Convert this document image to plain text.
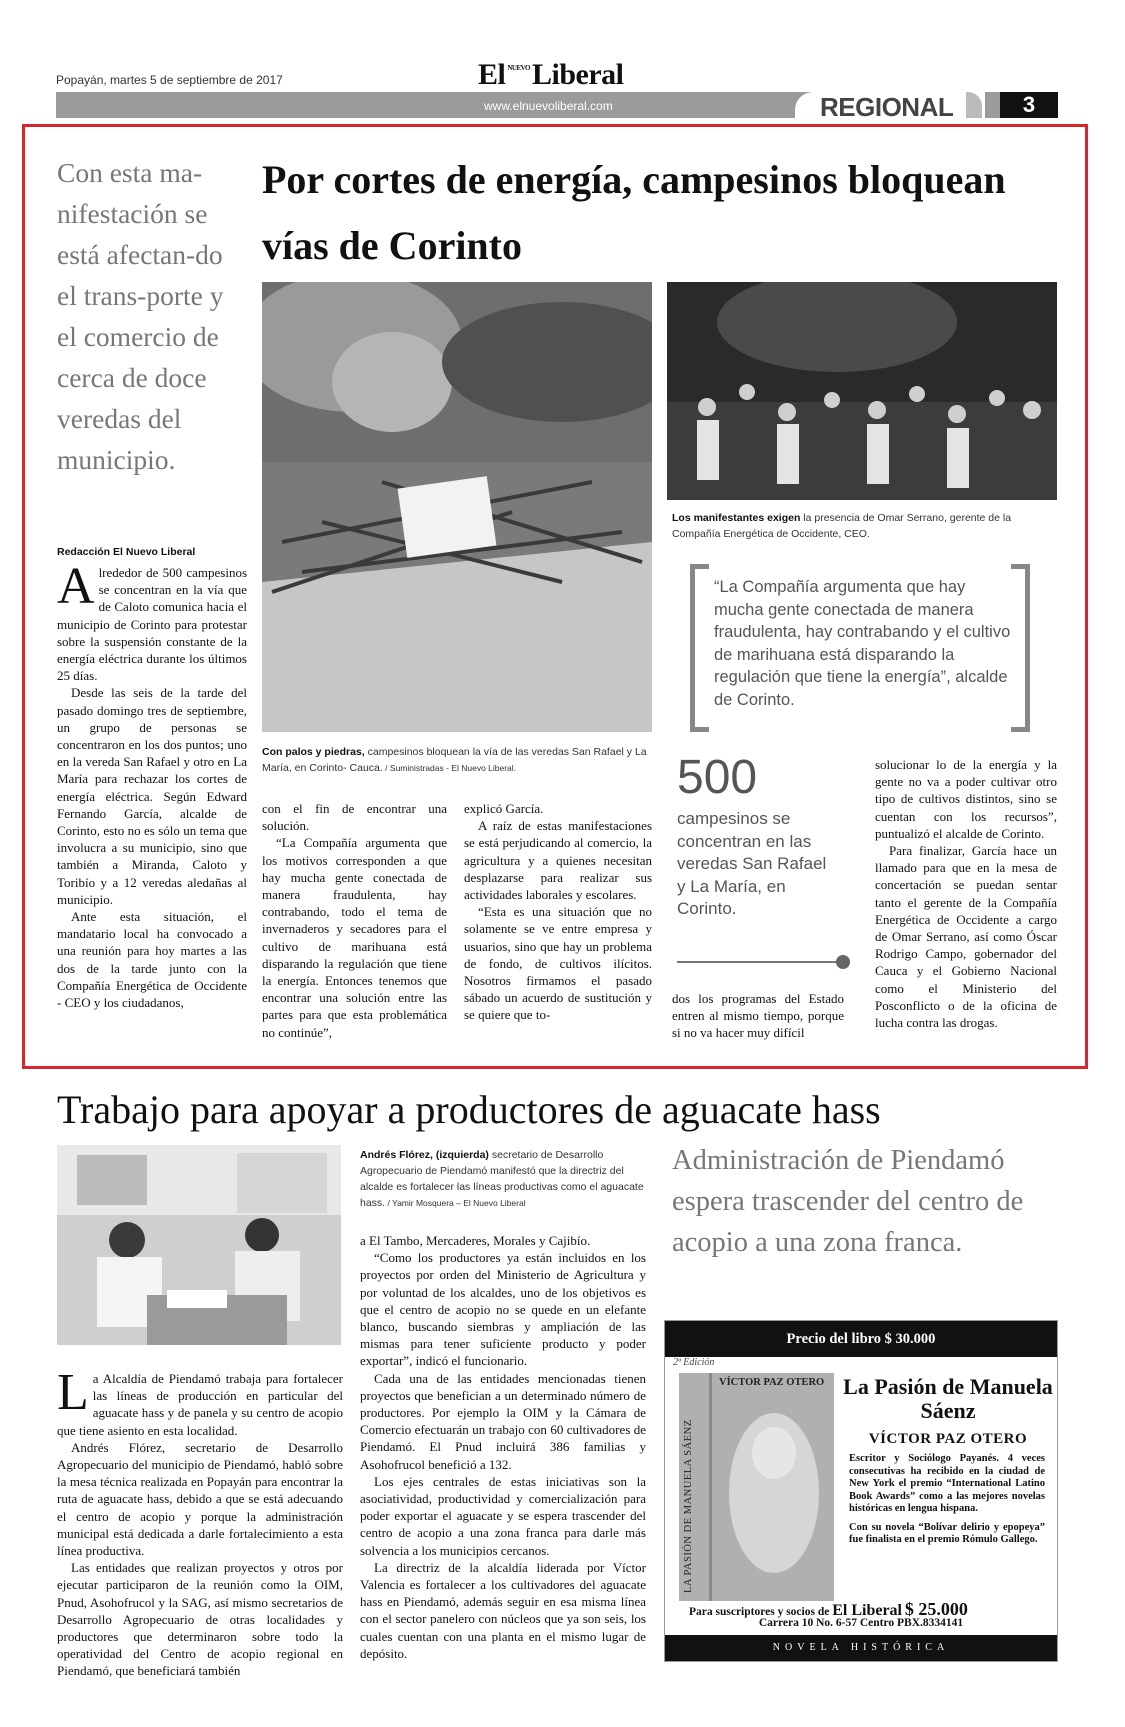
Popayán, martes 5 de septiembre de 2017	El NUEVOLiberal
www.elnuevoliberal.com	REGIONAL	3
Con esta ma-nifestación se está afectan-do el trans-porte y el comercio de cerca de doce veredas del municipio.
Por cortes de energía, campesinos bloquean vías de Corinto
Con palos y piedras, campesinos bloquean la vía de las veredas San Rafael y La María, en Corinto- Cauca. / Suministradas - El Nuevo Liberal.
Los manifestantes exigen la presencia de Omar Serrano, gerente de la Compañía Energética de Occidente, CEO.
Redacción El Nuevo Liberal

Alrededor de 500 campesinos se concentran en la vía que de Caloto comunica hacia el municipio de Corinto para protestar sobre la suspensión constante de la energía eléctrica durante los últimos 25 días.

Desde las seis de la tarde del pasado domingo tres de septiembre, un grupo de personas se concentraron en los dos puntos; uno en la vereda San Rafael y otro en La María para rechazar los cortes de energía eléctrica. Según Edward Fernando García, alcalde de Corinto, esto no es sólo un tema que involucra a su municipio, sino que también a Miranda, Caloto y Toribío y a 12 veredas aledañas al municipio.

Ante esta situación, el mandatario local ha convocado a una reunión para hoy martes a las dos de la tarde junto con la Compañía Energética de Occidente - CEO y los ciudadanos,

con el fin de encontrar una solución.

“La Compañía argumenta que los motivos corresponden a que hay mucha gente conectada de manera fraudulenta, hay contrabando, todo el tema de invernaderos y secadores para el cultivo de marihuana está disparando la regulación que tiene la energía. Entonces tenemos que encontrar una solución entre las partes para que esta problemática no continúe”,

explicó García.

A raíz de estas manifestaciones se está perjudicando al comercio, la agricultura y a quienes necesitan desplazarse para realizar sus actividades laborales y escolares.

“Esta es una situación que no solamente se ve entre empresa y usuarios, sino que hay un problema de fondo, de cultivos ilícitos. Nosotros firmamos el pasado sábado un acuerdo de sustitución y se quiere que to-

“La Compañía argumenta que hay mucha gente conectada de manera fraudulenta, hay contrabando y el cultivo de marihuana está disparando la regulación que tiene la energía”, alcalde de Corinto.
500
campesinos se concentran en las veredas San Rafael y La María, en Corinto.

dos los programas del Estado entren al mismo tiempo, porque si no va hacer muy difícil

solucionar lo de la energía y la gente no va a poder cultivar otro tipo de cultivos distintos, sino se cuentan con los recursos”, puntualizó el alcalde de Corinto.

Para finalizar, García hace un llamado para que en la mesa de concertación se puedan sentar tanto el gerente de la Compañía Energética de Occidente a cargo de Omar Serrano, así como Óscar Rodrigo Campo, gobernador del Cauca y el Gobierno Nacional como el Ministerio del Posconflicto o de la oficina de lucha contra las drogas.

Trabajo para apoyar a productores de aguacate hass
Andrés Flórez, (izquierda) secretario de Desarrollo Agropecuario de Piendamó manifestó que la directriz del alcalde es fortalecer las líneas productivas como el aguacate hass. / Yamir Mosquera – El Nuevo Liberal
Administración de Piendamó espera trascender del centro de acopio a una zona franca.

La Alcaldía de Piendamó trabaja para fortalecer las líneas de producción en particular del aguacate hass y de panela y su centro de acopio que tiene asiento en esta localidad.

Andrés Flórez, secretario de Desarrollo Agropecuario del municipio de Piendamó, habló sobre la mesa técnica realizada en Popayán para encontrar la ruta de aguacate hass, debido a que se está adecuando el centro de acopio y porque la administración municipal está dedicada a darle fortalecimiento a esta línea productiva.

Las entidades que realizan proyectos y otros por ejecutar participaron de la reunión como la OIM, Pnud, Asohofrucol y la SAG, así mismo secretarios de Desarrollo Agropecuario de otras localidades y productores que determinaron sobre todo la operatividad del Centro de acopio regional en Piendamó, que beneficiará también

a El Tambo, Mercaderes, Morales y Cajibío.

“Como los productores ya están incluidos en los proyectos por orden del Ministerio de Agricultura y por voluntad de los alcaldes, uno de los objetivos es que el centro de acopio no se quede en un elefante blanco, buscando siembras y ampliación de las mismas para tener suficiente producto y poder exportar”, indicó el funcionario.

Cada una de las entidades mencionadas tienen proyectos que benefician a un determinado número de productores. Por ejemplo la OIM y la Cámara de Comercio efectuarán un trabajo con 60 cultivadores de Piendamó. El Pnud incluirá 386 familias y Asohofrucol benefició a 132.

Los ejes centrales de estas iniciativas son la asociatividad, productividad y comercialización para poder exportar el aguacate y se espera trascender del centro de acopio a una zona franca para darle más solvencia a los municipios cercanos.

La directriz de la alcaldía liderada por Víctor Valencia es fortalecer a los cultivadores del aguacate hass en Piendamó, además seguir en esa misma línea con el sector panelero con núcleos que ya son seis, los cuales cuentan con una planta en el mismo lugar de depósito.

Precio del libro $ 30.000
2ª Edición
VÍCTOR PAZ OTERO
LA PASIÓN DE MANUELA SÁENZ
La Pasión de Manuela Sáenz
VÍCTOR PAZ OTERO

Escritor y Sociólogo Payanés. 4 veces consecutivas ha recibido en la ciudad de New York el premio “International Latino Book Awards” como a las mejores novelas históricas en lengua hispana.

Con su novela “Bolívar delirio y epopeya” fue finalista en el premio Rómulo Gallego.

Para suscriptores y socios de El Liberal $ 25.000
Carrera 10 No. 6-57 Centro PBX.8334141
NOVELA HISTÓRICA
